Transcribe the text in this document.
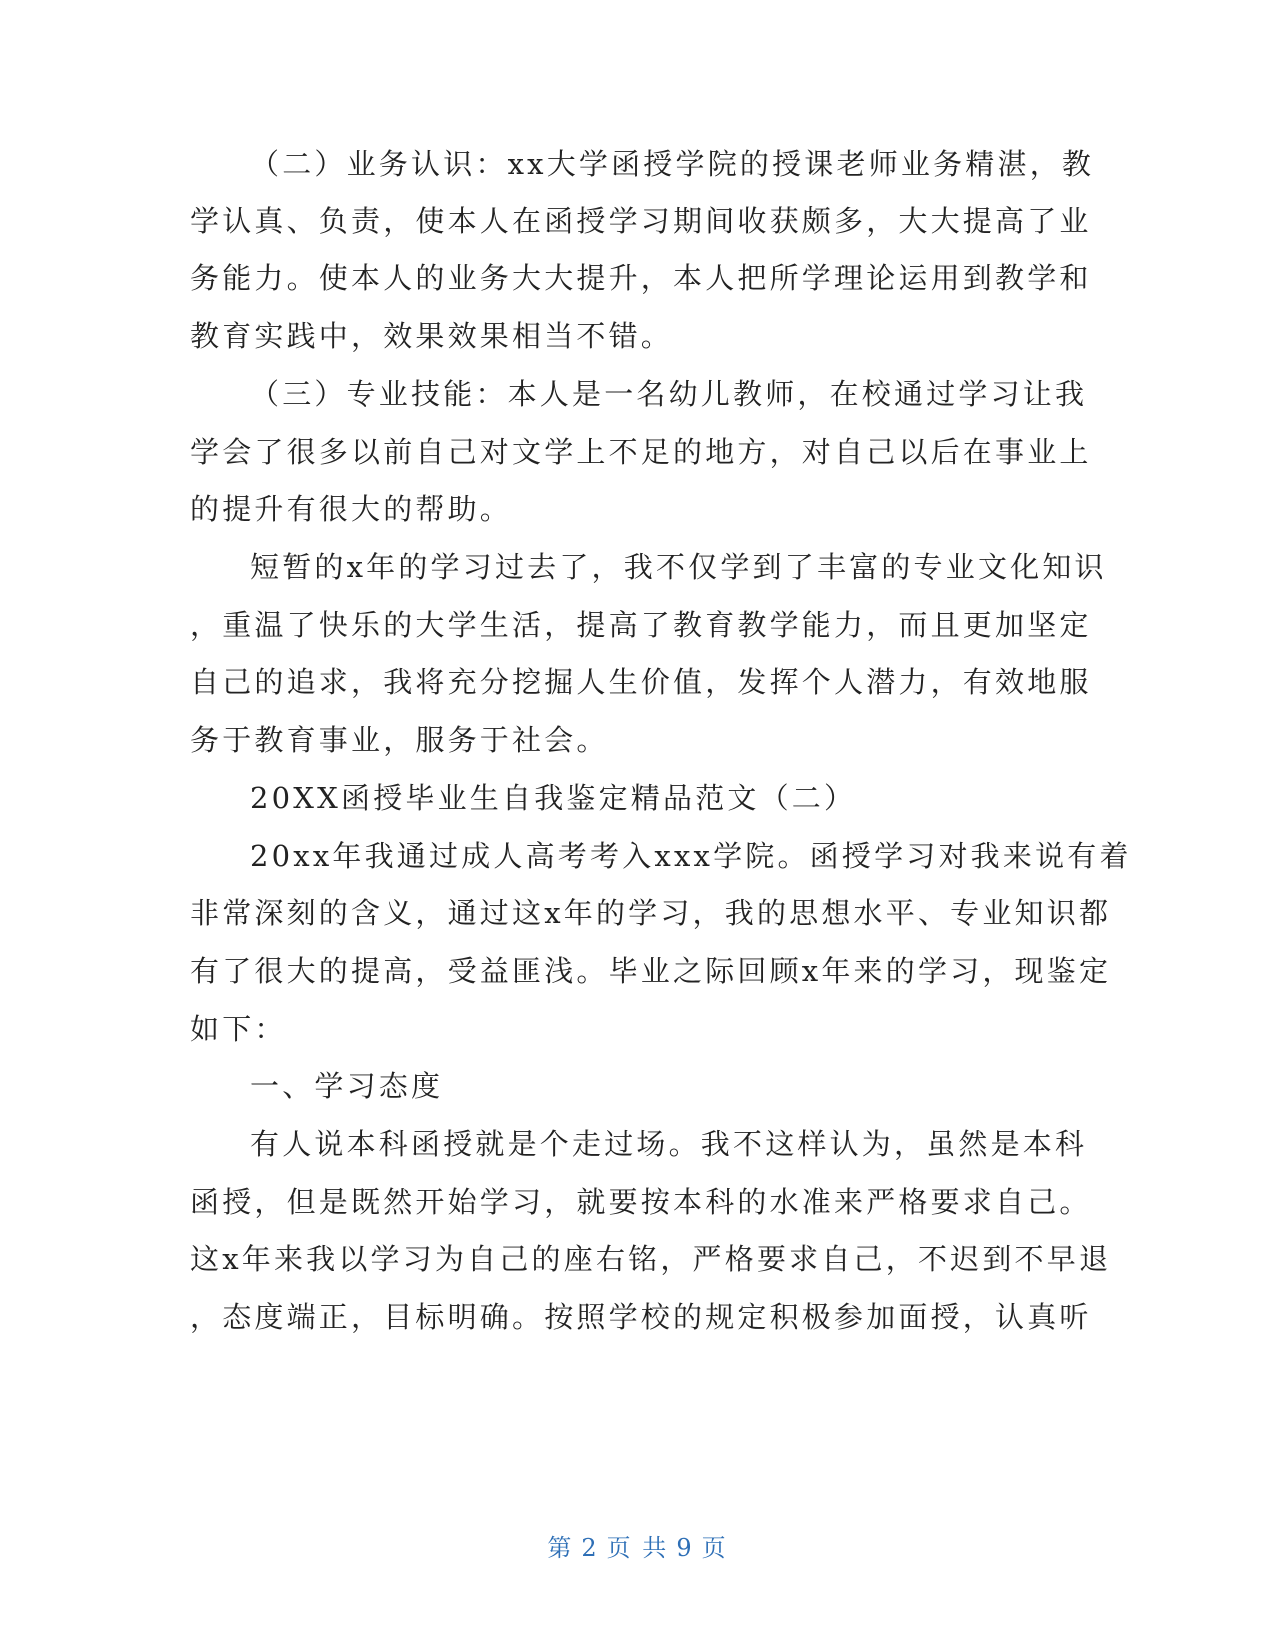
（二）业务认识：xx大学函授学院的授课老师业务精湛，教
学认真、负责，使本人在函授学习期间收获颇多，大大提高了业
务能力。使本人的业务大大提升，本人把所学理论运用到教学和
教育实践中，效果效果相当不错。
（三）专业技能：本人是一名幼儿教师，在校通过学习让我
学会了很多以前自己对文学上不足的地方，对自己以后在事业上
的提升有很大的帮助。
短暂的x年的学习过去了，我不仅学到了丰富的专业文化知识
，重温了快乐的大学生活，提高了教育教学能力，而且更加坚定
自己的追求，我将充分挖掘人生价值，发挥个人潜力，有效地服
务于教育事业，服务于社会。
20XX函授毕业生自我鉴定精品范文（二）
20xx年我通过成人高考考入xxx学院。函授学习对我来说有着
非常深刻的含义，通过这x年的学习，我的思想水平、专业知识都
有了很大的提高，受益匪浅。毕业之际回顾x年来的学习，现鉴定
如下：
一、学习态度
有人说本科函授就是个走过场。我不这样认为，虽然是本科
函授，但是既然开始学习，就要按本科的水准来严格要求自己。
这x年来我以学习为自己的座右铭，严格要求自己，不迟到不早退
，态度端正，目标明确。按照学校的规定积极参加面授，认真听
第 2 页 共 9 页
